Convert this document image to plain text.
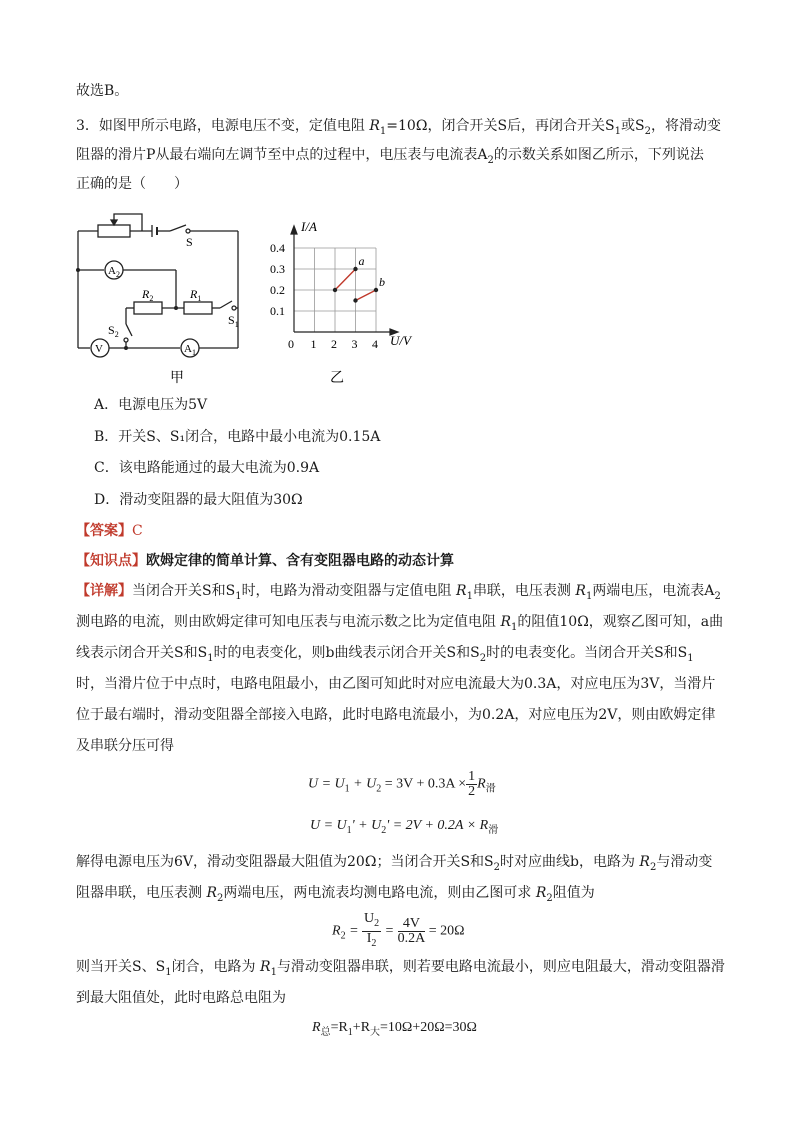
故选B。
3．如图甲所示电路，电源电压不变，定值电阻 $R_1=10\Omega$，闭合开关S后，再闭合开关$S_1$或$S_2$，将滑动变
阻器的滑片P从最右端向左调节至中点的过程中，电压表与电流表$A_2$的示数关系如图乙所示，下列说法
正确的是（　　）
S
$A_2$
$R_2$	$R_1$
$S_1$
$S_2$
V	$A_1$
甲
0 1 2 3 4
0.1
0.2
0.3
0.4
a
b
I/A
U/V
乙
A．电源电压为5V
B．开关S、S₁闭合，电路中最小电流为0.15A
C．该电路能通过的最大电流为0.9A
D．滑动变阻器的最大阻值为30Ω
【答案】C
【知识点】欧姆定律的简单计算、含有变阻器电路的动态计算
【详解】当闭合开关S和$S_1$时，电路为滑动变阻器与定值电阻 $R_1$串联，电压表测 $R_1$两端电压，电流表$A_2$
测电路的电流，则由欧姆定律可知电压表与电流示数之比为定值电阻 $R_1$的阻值10Ω，观察乙图可知，a曲
线表示闭合开关S和$S_1$时的电表变化，则b曲线表示闭合开关S和$S_2$时的电表变化。当闭合开关S和$S_1$
时，当滑片位于中点时，电路电阻最小，由乙图可知此时对应电流最大为0.3A，对应电压为3V，当滑片
位于最右端时，滑动变阻器全部接入电路，此时电路电流最小，为0.2A，对应电压为2V，则由欧姆定律
及串联分压可得
$U = U_1 + U_2 = 3V + 0.3A \times \frac{1}{2} R_滑$
$U = U_1' + U_2' = 2V + 0.2A \times R_滑$
解得电源电压为6V，滑动变阻器最大阻值为20Ω；当闭合开关S和$S_2$时对应曲线b，电路为 $R_2$与滑动变
阻器串联，电压表测 $R_2$两端电压，两电流表均测电路电流，则由乙图可求 $R_2$阻值为
$R_2 = \frac{U_2}{I_2} = \frac{4V}{0.2A} = 20\Omega$
则当开关S、$S_1$闭合，电路为 $R_1$与滑动变阻器串联，则若要电路电流最小，则应电阻最大，滑动变阻器滑
到最大阻值处，此时电路总电阻为
$R_总=R_1+R_大=10\Omega+20\Omega=30\Omega$
